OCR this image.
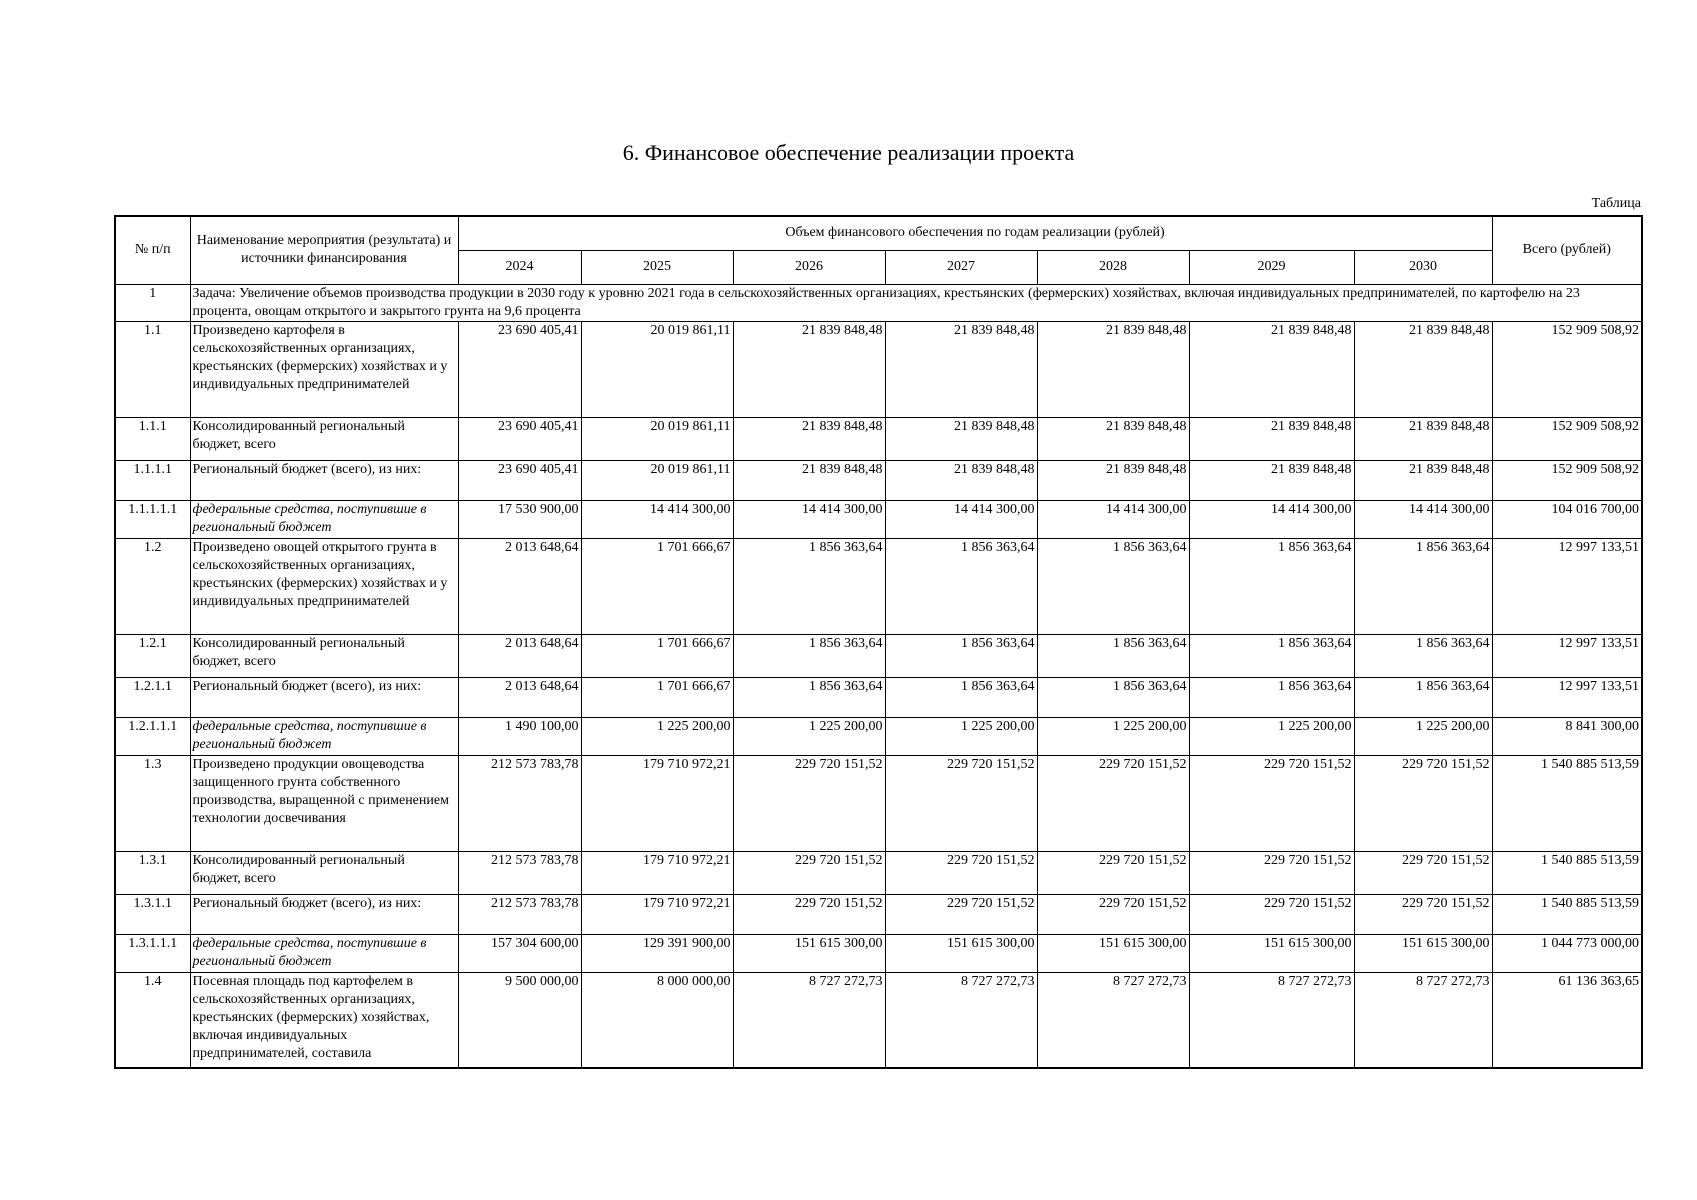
6. Финансовое обеспечение реализации проекта
Таблица
№ п/п	Наименование мероприятия (результата) и источники финансирования	Объем финансового обеспечения по годам реализации (рублей)							Всего (рублей)
		2024	2025	2026	2027	2028	2029	2030	
1	Задача: Увеличение объемов производства продукции в 2030 году к уровню 2021 года в сельскохозяйственных организациях, крестьянских (фермерских) хозяйствах, включая индивидуальных предпринимателей, по картофелю на 23 процента, овощам открытого и закрытого грунта на 9,6 процента								
1.1	Произведено картофеля в сельскохозяйственных организациях, крестьянских (фермерских) хозяйствах и у индивидуальных предпринимателей	23 690 405,41	20 019 861,11	21 839 848,48	21 839 848,48	21 839 848,48	21 839 848,48	21 839 848,48	152 909 508,92
1.1.1	Консолидированный региональный бюджет, всего	23 690 405,41	20 019 861,11	21 839 848,48	21 839 848,48	21 839 848,48	21 839 848,48	21 839 848,48	152 909 508,92
1.1.1.1	Региональный бюджет (всего), из них:	23 690 405,41	20 019 861,11	21 839 848,48	21 839 848,48	21 839 848,48	21 839 848,48	21 839 848,48	152 909 508,92
1.1.1.1.1	федеральные средства, поступившие в региональный бюджет	17 530 900,00	14 414 300,00	14 414 300,00	14 414 300,00	14 414 300,00	14 414 300,00	14 414 300,00	104 016 700,00
1.2	Произведено овощей открытого грунта в сельскохозяйственных организациях, крестьянских (фермерских) хозяйствах и у индивидуальных предпринимателей	2 013 648,64	1 701 666,67	1 856 363,64	1 856 363,64	1 856 363,64	1 856 363,64	1 856 363,64	12 997 133,51
1.2.1	Консолидированный региональный бюджет, всего	2 013 648,64	1 701 666,67	1 856 363,64	1 856 363,64	1 856 363,64	1 856 363,64	1 856 363,64	12 997 133,51
1.2.1.1	Региональный бюджет (всего), из них:	2 013 648,64	1 701 666,67	1 856 363,64	1 856 363,64	1 856 363,64	1 856 363,64	1 856 363,64	12 997 133,51
1.2.1.1.1	федеральные средства, поступившие в региональный бюджет	1 490 100,00	1 225 200,00	1 225 200,00	1 225 200,00	1 225 200,00	1 225 200,00	1 225 200,00	8 841 300,00
1.3	Произведено продукции овощеводства защищенного грунта собственного производства, выращенной с применением технологии досвечивания	212 573 783,78	179 710 972,21	229 720 151,52	229 720 151,52	229 720 151,52	229 720 151,52	229 720 151,52	1 540 885 513,59
1.3.1	Консолидированный региональный бюджет, всего	212 573 783,78	179 710 972,21	229 720 151,52	229 720 151,52	229 720 151,52	229 720 151,52	229 720 151,52	1 540 885 513,59
1.3.1.1	Региональный бюджет (всего), из них:	212 573 783,78	179 710 972,21	229 720 151,52	229 720 151,52	229 720 151,52	229 720 151,52	229 720 151,52	1 540 885 513,59
1.3.1.1.1	федеральные средства, поступившие в региональный бюджет	157 304 600,00	129 391 900,00	151 615 300,00	151 615 300,00	151 615 300,00	151 615 300,00	151 615 300,00	1 044 773 000,00
1.4	Посевная площадь под картофелем в сельскохозяйственных организациях, крестьянских (фермерских) хозяйствах, включая индивидуальных предпринимателей, составила	9 500 000,00	8 000 000,00	8 727 272,73	8 727 272,73	8 727 272,73	8 727 272,73	8 727 272,73	61 136 363,65
